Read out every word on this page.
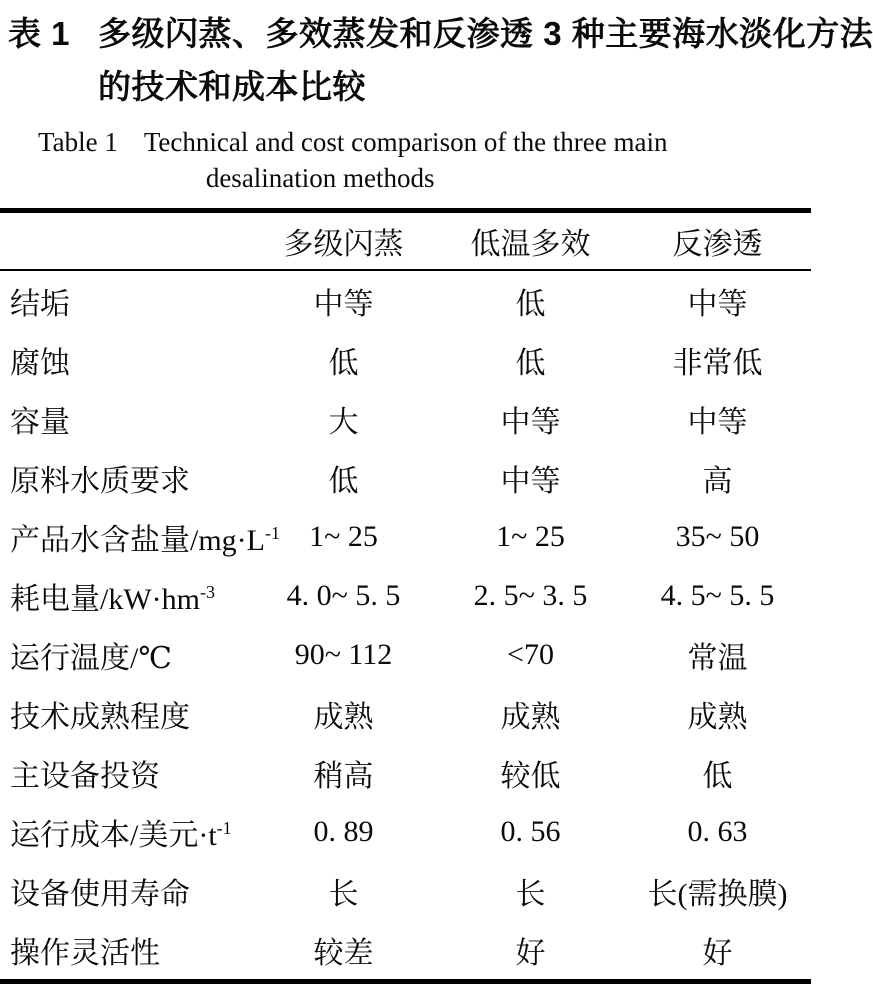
表 1 多级闪蒸、多效蒸发和反渗透 3 种主要海水淡化方法
的技术和成本比较
Table 1 Technical and cost comparison of the three main
desalination methods
	多级闪蒸	低温多效	反渗透
结垢	中等	低	中等
腐蚀	低	低	非常低
容量	大	中等	中等
原料水质要求	低	中等	高
产品水含盐量$/mg\cdot L^{-1}$	1~ 25	1~ 25	35~ 50
耗电量$/kW\cdot hm^{-3}$	4. 0~ 5. 5	2. 5~ 3. 5	4. 5~ 5. 5
运行温度/℃	90~ 112	<70	常温
技术成熟程度	成熟	成熟	成熟
主设备投资	稍高	较低	低
运行成本/美元$\cdot t^{-1}$	0. 89	0. 56	0. 63
设备使用寿命	长	长	长(需换膜)
操作灵活性	较差	好	好
